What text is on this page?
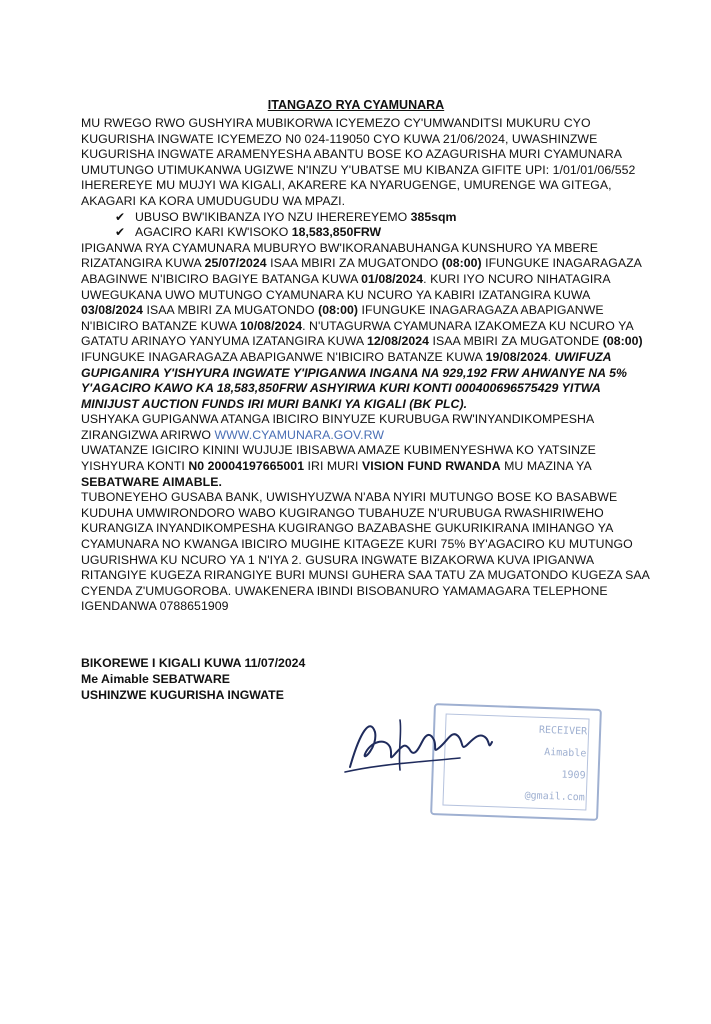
ITANGAZO RYA CYAMUNARA

MU RWEGO RWO GUSHYIRA MUBIKORWA ICYEMEZO CY'UMWANDITSI MUKURU CYO KUGURISHA INGWATE ICYEMEZO N0 024-119050 CYO KUWA 21/06/2024, UWASHINZWE KUGURISHA INGWATE ARAMENYESHA ABANTU BOSE KO AZAGURISHA MURI CYAMUNARA UMUTUNGO UTIMUKANWA UGIZWE N'INZU Y'UBATSE MU KIBANZA GIFITE UPI: 1/01/01/06/552 IHEREREYE MU MUJYI WA KIGALI, AKARERE KA NYARUGENGE, UMURENGE WA GITEGA, AKAGARI KA KORA UMUDUGUDU WA MPAZI.

✔ UBUSO BW'IKIBANZA IYO NZU IHEREREYEMO 385sqm
✔ AGACIRO KARI KW'ISOKO 18,583,850FRW

IPIGANWA RYA CYAMUNARA MUBURYO BW'IKORANABUHANGA KUNSHURO YA MBERE RIZATANGIRA KUWA 25/07/2024 ISAA MBIRI ZA MUGATONDO (08:00) IFUNGUKE INAGARAGAZA ABAGINWE N'IBICIRO BAGIYE BATANGA KUWA 01/08/2024. KURI IYO NCURO NIHATAGIRA UWEGUKANA UWO MUTUNGO CYAMUNARA KU NCURO YA KABIRI IZATANGIRA KUWA 03/08/2024 ISAA MBIRI ZA MUGATONDO (08:00) IFUNGUKE INAGARAGAZA ABAPIGANWE N'IBICIRO BATANZE KUWA 10/08/2024. N'UTAGURWA CYAMUNARA IZAKOMEZA KU NCURO YA GATATU ARINAYO YANYUMA IZATANGIRA KUWA 12/08/2024 ISAA MBIRI ZA MUGATONDE (08:00) IFUNGUKE INAGARAGAZA ABAPIGANWE N'IBICIRO BATANZE KUWA 19/08/2024. UWIFUZA GUPIGANIRA Y'ISHYURA INGWATE Y'IPIGANWA INGANA NA 929,192 FRW AHWANYE NA 5% Y'AGACIRO KAWO KA 18,583,850FRW ASHYIRWA KURI KONTI 000400696575429 YITWA MINIJUST AUCTION FUNDS IRI MURI BANKI YA KIGALI (BK PLC).

USHYAKA GUPIGANWA ATANGA IBICIRO BINYUZE KURUBUGA RW'INYANDIKOMPESHA ZIRANGIZWA ARIRWO WWW.CYAMUNARA.GOV.RW

UWATANZE IGICIRO KININI WUJUJE IBISABWA AMAZE KUBIMENYESHWA KO YATSINZE YISHYURA KONTI N0 20004197665001 IRI MURI VISION FUND RWANDA MU MAZINA YA SEBATWARE AIMABLE.

TUBONEYEHO GUSABA BANK, UWISHYUZWA N'ABA NYIRI MUTUNGO BOSE KO BASABWE KUDUHA UMWIRONDORO WABO KUGIRANGO TUBAHUZE N'URUBUGA RWASHIRIWEHO KURANGIZA INYANDIKOMPESHA KUGIRANGO BAZABASHE GUKURIKIRANA IMIHANGO YA CYAMUNARA NO KWANGA IBICIRO MUGIHE KITAGEZE KURI 75% BY'AGACIRO KU MUTUNGO UGURISHWA KU NCURO YA 1 N'IYA 2. GUSURA INGWATE BIZAKORWA KUVA IPIGANWA RITANGIYE KUGEZA RIRANGIYE BURI MUNSI GUHERA SAA TATU ZA MUGATONDO KUGEZA SAA CYENDA Z'UMUGOROBA. UWAKENERA IBINDI BISOBANURO YAMAMAGARA TELEPHONE IGENDANWA 0788651909

BIKOREWE I KIGALI KUWA 11/07/2024
Me Aimable SEBATWARE
USHINZWE KUGURISHA INGWATE
RECEIVER
Aimable
1909
@gmail.com
